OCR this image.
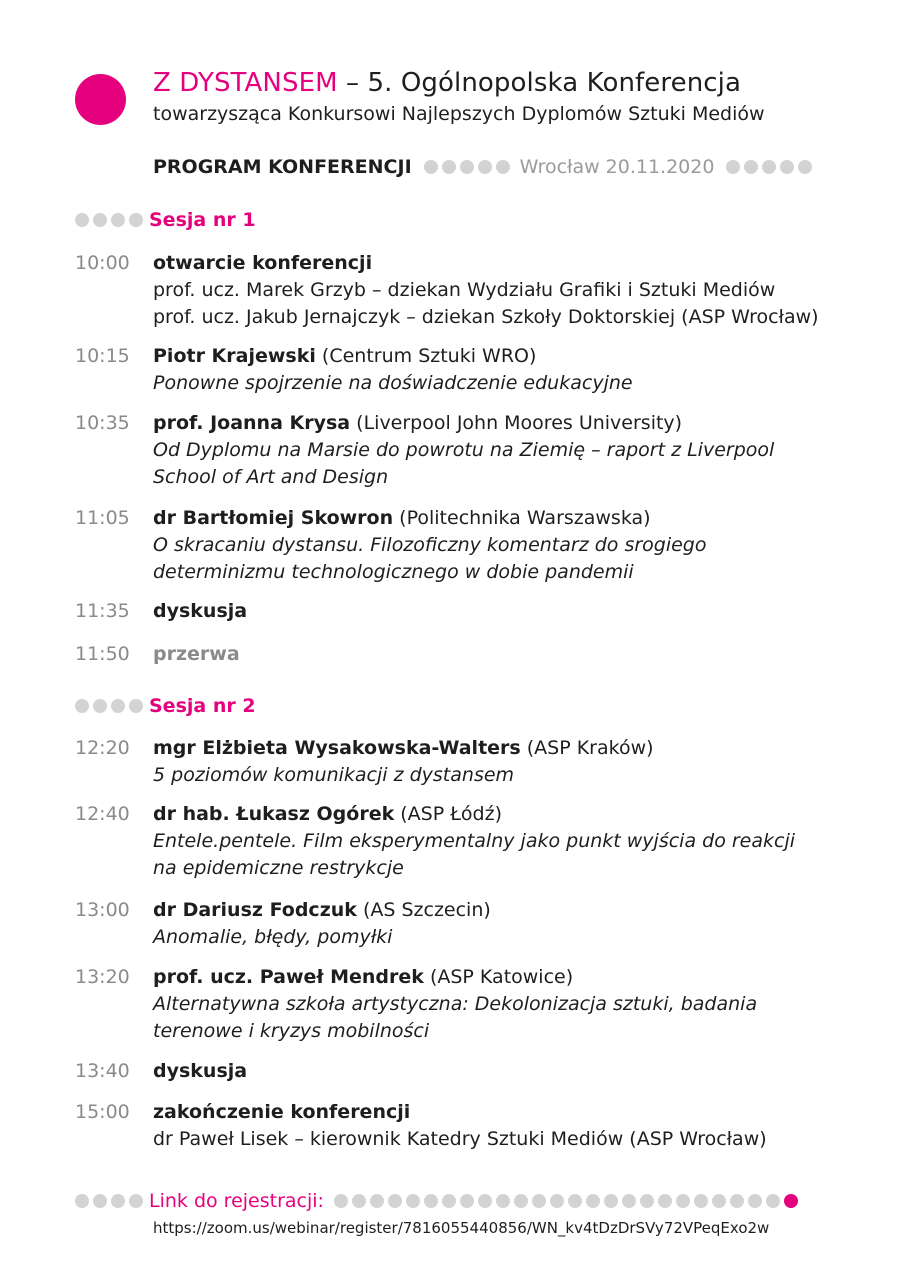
Z DYSTANSEM – 5. Ogólnopolska Konferencja
towarzysząca Konkursowi Najlepszych Dyplomów Sztuki Mediów
PROGRAM KONFERENCJI	Wrocław 20.11.2020
Sesja nr 1
10:00 otwarcie konferencji
prof. ucz. Marek Grzyb – dziekan Wydziału Grafiki i Sztuki Mediów
prof. ucz. Jakub Jernajczyk – dziekan Szkoły Doktorskiej (ASP Wrocław)
10:15 Piotr Krajewski (Centrum Sztuki WRO)
Ponowne spojrzenie na doświadczenie edukacyjne
10:35 prof. Joanna Krysa (Liverpool John Moores University)
Od Dyplomu na Marsie do powrotu na Ziemię – raport z Liverpool
School of Art and Design
11:05 dr Bartłomiej Skowron (Politechnika Warszawska)
O skracaniu dystansu. Filozoficzny komentarz do srogiego
determinizmu technologicznego w dobie pandemii
11:35 dyskusja
11:50 przerwa
Sesja nr 2
12:20 mgr Elżbieta Wysakowska-Walters (ASP Kraków)
5 poziomów komunikacji z dystansem
12:40 dr hab. Łukasz Ogórek (ASP Łódź)
Entele.pentele. Film eksperymentalny jako punkt wyjścia do reakcji
na epidemiczne restrykcje
13:00 dr Dariusz Fodczuk (AS Szczecin)
Anomalie, błędy, pomyłki
13:20 prof. ucz. Paweł Mendrek (ASP Katowice)
Alternatywna szkoła artystyczna: Dekolonizacja sztuki, badania
terenowe i kryzys mobilności
13:40 dyskusja
15:00 zakończenie konferencji
dr Paweł Lisek – kierownik Katedry Sztuki Mediów (ASP Wrocław)
Link do rejestracji:
https://zoom.us/webinar/register/7816055440856/WN_kv4tDzDrSVy72VPeqExo2w
